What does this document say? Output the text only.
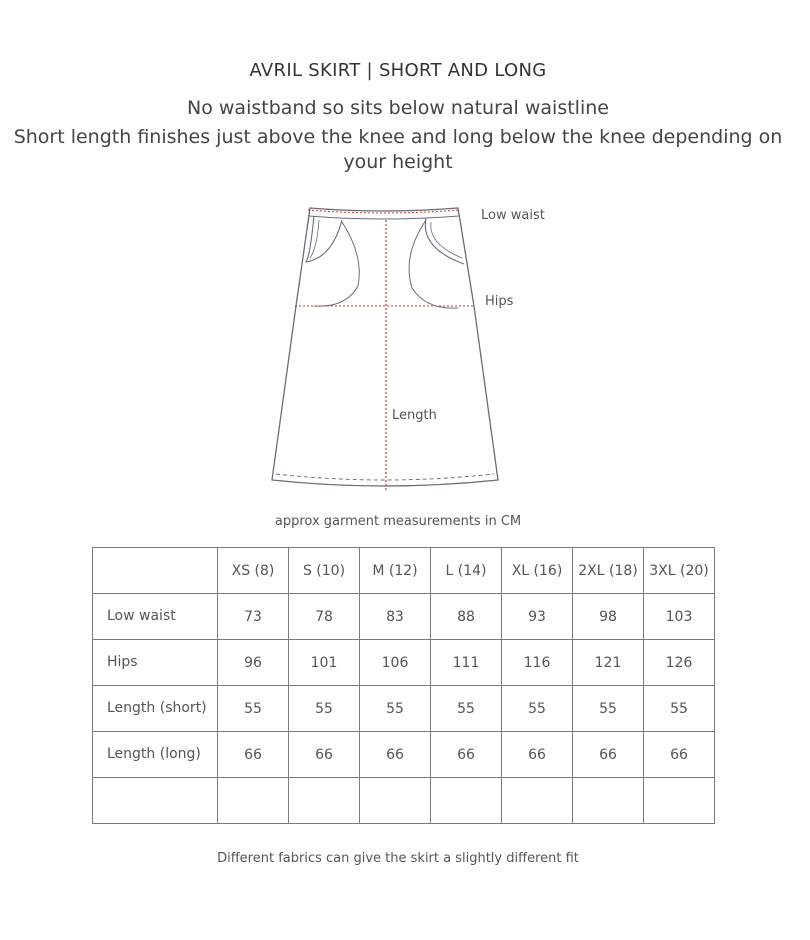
AVRIL SKIRT | SHORT AND LONG
No waistband so sits below natural waistline
Short length finishes just above the knee and long below the knee depending on your height
Low waist
Hips
Length
approx garment measurements in CM
	XS (8)	S (10)	M (12)	L (14)	XL (16)	2XL (18)	3XL (20)
Low waist	73	78	83	88	93	98	103
Hips	96	101	106	111	116	121	126
Length (short)	55	55	55	55	55	55	55
Length (long)	66	66	66	66	66	66	66

Different fabrics can give the skirt a slightly different fit
